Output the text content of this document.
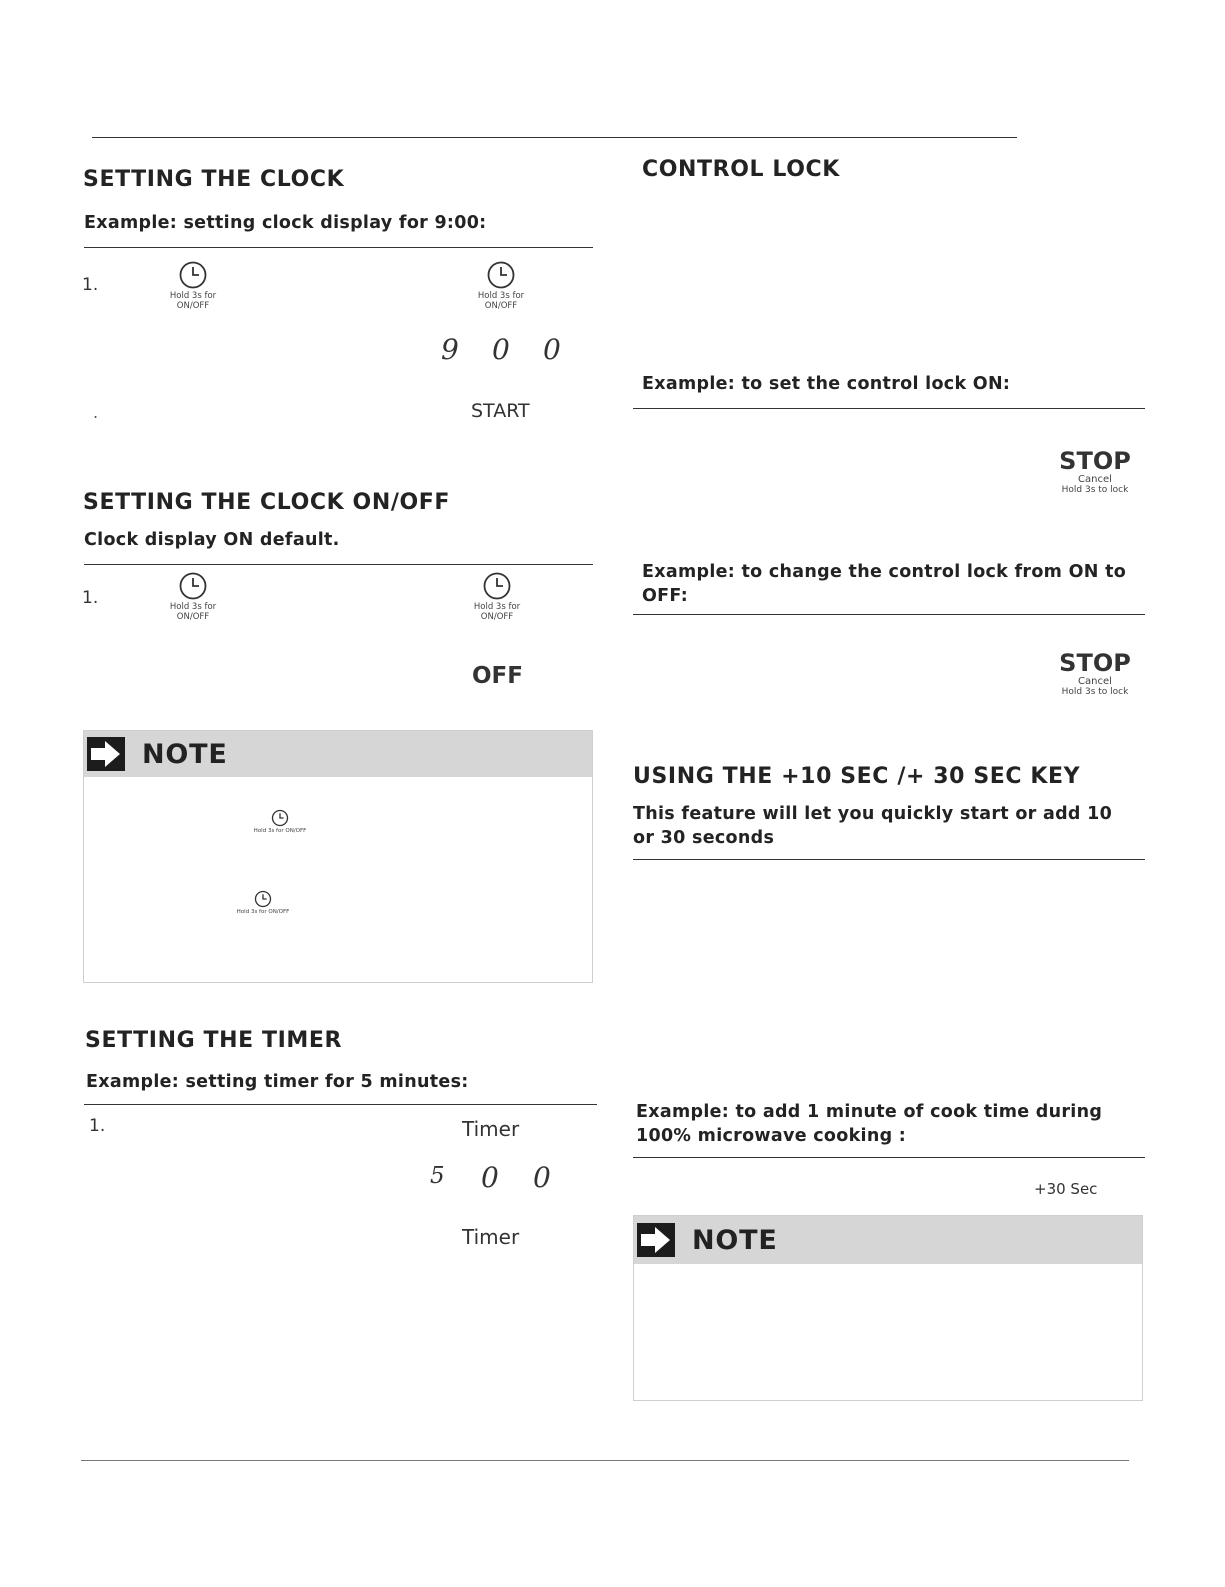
SETTING THE CLOCK
Example: setting clock display for 9:00:
1.
Hold 3s for ON/OFF
Hold 3s for ON/OFF
9 0 0
.	START
SETTING THE CLOCK ON/OFF
Clock display ON default.
1.	Hold 3s for ON/OFF
Hold 3s for ON/OFF
OFF
NOTE
Hold 3s for ON/OFF
Hold 3s for ON/OFF
SETTING THE TIMER
Example: setting timer for 5 minutes:
1.	Timer
5 0 0
Timer
CONTROL LOCK
Example: to set the control lock ON:
STOP
Cancel
Hold 3s to lock
Example: to change the control lock from ON to OFF:
STOP
Cancel
Hold 3s to lock
USING THE +10 SEC /+ 30 SEC KEY
This feature will let you quickly start or add 10 or 30 seconds
Example: to add 1 minute of cook time during 100% microwave cooking :
+30 Sec
NOTE
